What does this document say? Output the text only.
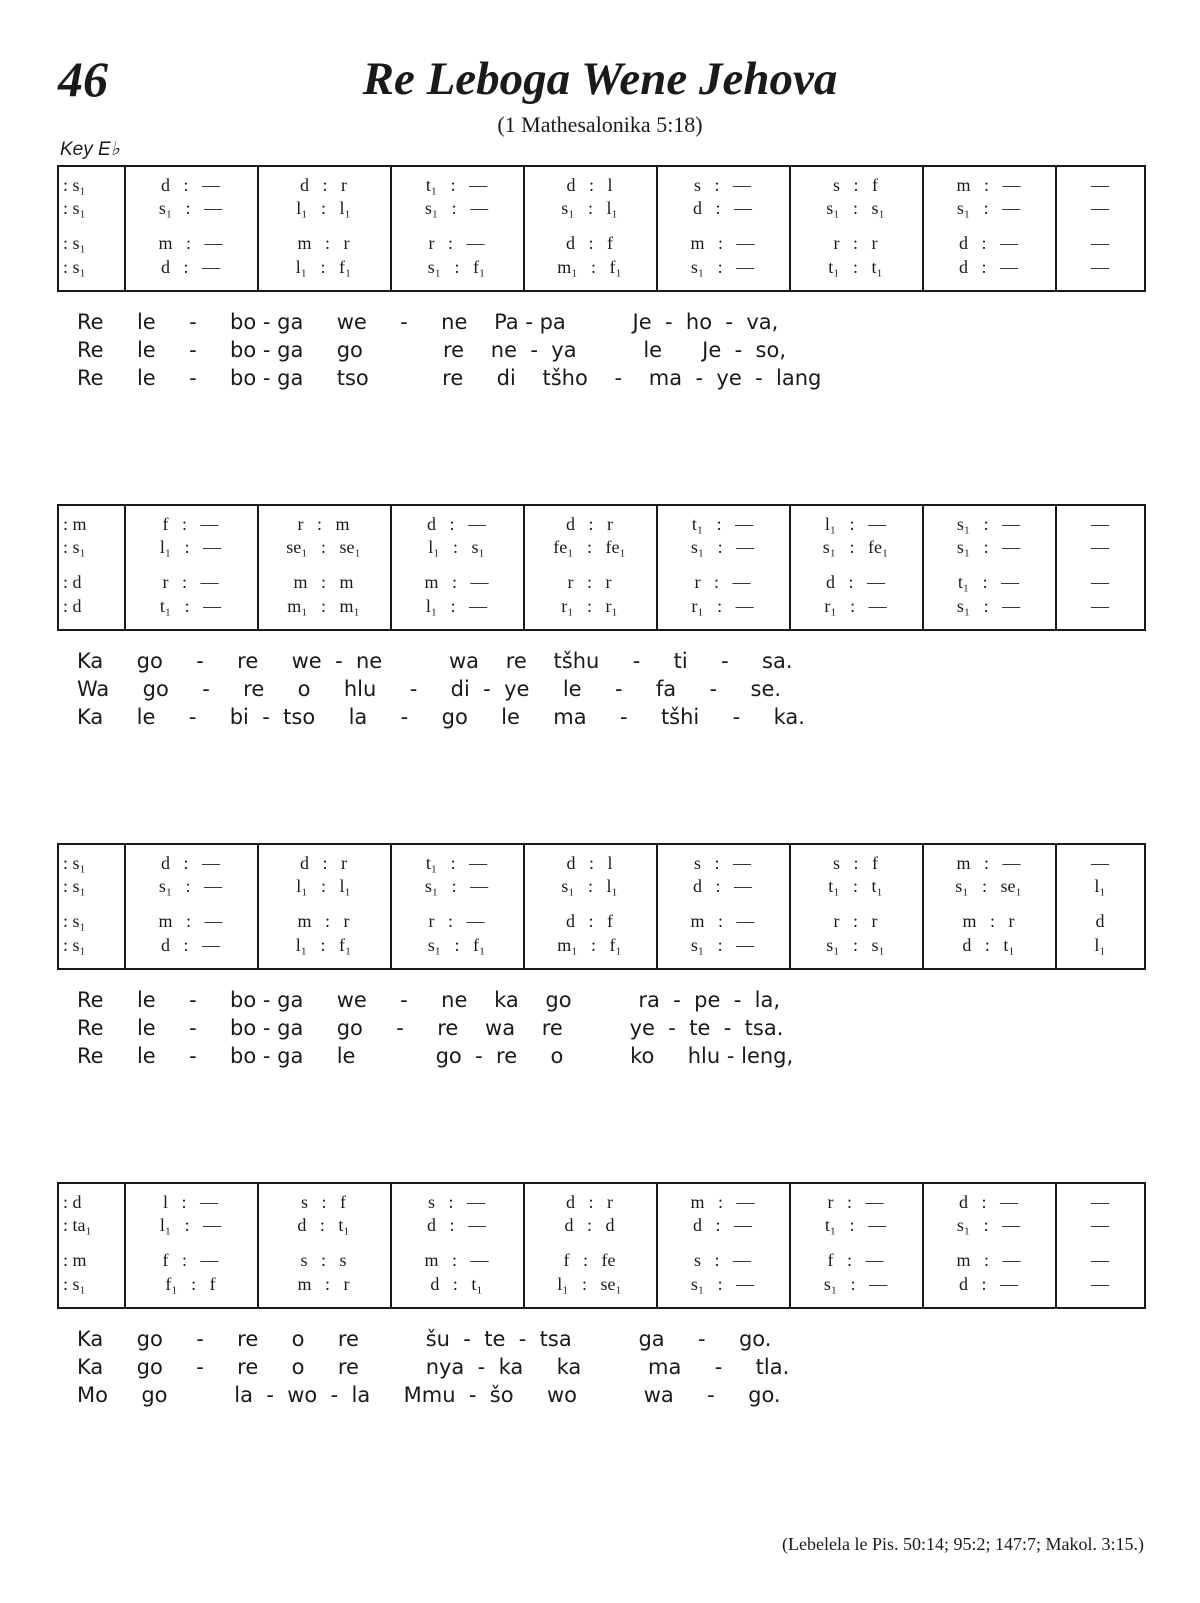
46	Re Leboga Wene Jehova
(1 Mathesalonika 5:18)
Key E♭
: s₁	d   :   —	d   :   r	t₁   :   —	d   :   l	s   :   —	s   :   f	m   :   —	—
: s₁	s₁   :   —	l₁   :   l₁	s₁   :   —	s₁   :   l₁	d   :   —	s₁   :   s₁	s₁   :   —	—
: s₁	m   :   —	m   :   r	r   :   —	d   :   f	m   :   —	r   :   r	d   :   —	—
: s₁	d   :   —	l₁   :   f₁	s₁   :   f₁	m₁   :   f₁	s₁   :   —	t₁   :   t₁	d   :   —	—
Re     le     -     bo - ga     we     -     ne    Pa - pa          Je  -  ho  -  va,
Re     le     -     bo - ga     go            re    ne  -  ya          le      Je  -  so,
Re     le     -     bo - ga     tso           re     di    tšho    -    ma  -  ye  -  lang
: m	f   :   —	r   :   m	d   :   —	d   :   r	t₁   :   —	l₁   :   —	s₁   :   —	—
: s₁	l₁   :   —	se₁   :   se₁	l₁   :   s₁	fe₁   :   fe₁	s₁   :   —	s₁   :   fe₁	s₁   :   —	—
: d	r   :   —	m   :   m	m   :   —	r   :   r	r   :   —	d   :   —	t₁   :   —	—
: d	t₁   :   —	m₁   :   m₁	l₁   :   —	r₁   :   r₁	r₁   :   —	r₁   :   —	s₁   :   —	—
Ka     go     -     re     we  -  ne          wa    re    tšhu     -     ti     -     sa.
Wa     go     -     re     o     hlu     -     di  -  ye     le     -     fa     -     se.
Ka     le     -     bi  -  tso     la     -     go     le     ma     -     tšhi     -     ka.
: s₁	d   :   —	d   :   r	t₁   :   —	d   :   l	s   :   —	s   :   f	m   :   —	—
: s₁	s₁   :   —	l₁   :   l₁	s₁   :   —	s₁   :   l₁	d   :   —	t₁   :   t₁	s₁   :   se₁	l₁
: s₁	m   :   —	m   :   r	r   :   —	d   :   f	m   :   —	r   :   r	m   :   r	d
: s₁	d   :   —	l₁   :   f₁	s₁   :   f₁	m₁   :   f₁	s₁   :   —	s₁   :   s₁	d   :   t₁	l₁
Re     le     -     bo - ga     we     -     ne    ka    go          ra  -  pe  -  la,
Re     le     -     bo - ga     go     -     re    wa    re          ye  -  te  -  tsa.
Re     le     -     bo - ga     le            go  -  re     o          ko     hlu - leng,
: d	l   :   —	s   :   f	s   :   —	d   :   r	m   :   —	r   :   —	d   :   —	—
: ta₁	l₁   :   —	d   :   t₁	d   :   —	d   :   d	d   :   —	t₁   :   —	s₁   :   —	—
: m	f   :   —	s   :   s	m   :   —	f   :   fe	s   :   —	f   :   —	m   :   —	—
: s₁	f₁   :   f	m   :   r	d   :   t₁	l₁   :   se₁	s₁   :   —	s₁   :   —	d   :   —	—
Ka     go     -     re     o     re          šu  -  te  -  tsa          ga     -     go.
Ka     go     -     re     o     re          nya  -  ka     ka          ma     -     tla.
Mo     go          la  -  wo  -  la     Mmu  -  šo     wo          wa     -     go.
(Lebelela le Pis. 50:14; 95:2; 147:7; Makol. 3:15.)
